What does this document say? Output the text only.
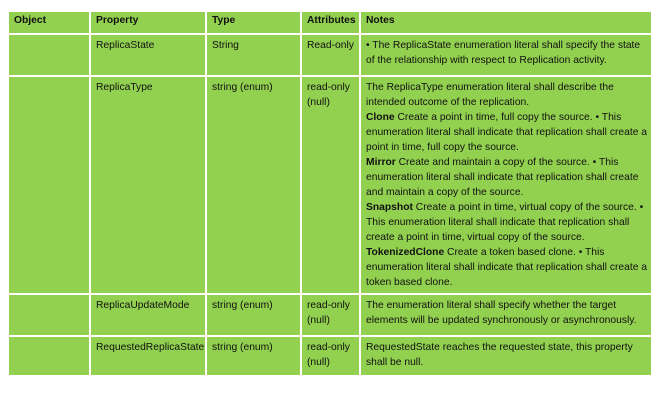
Object	Property	Type	Attributes	Notes
	ReplicaState	String	Read-only	• The ReplicaState enumeration literal shall specify the state of the relationship with respect to Replication activity.

	ReplicaType	string (enum)	read-only (null)	The ReplicaType enumeration literal shall describe the intended outcome of the replication.
Clone Create a point in time, full copy the source. • This enumeration literal shall indicate that replication shall create a point in time, full copy the source.
Mirror Create and maintain a copy of the source. • This enumeration literal shall indicate that replication shall create and maintain a copy of the source.
Snapshot Create a point in time, virtual copy of the source. • This enumeration literal shall indicate that replication shall create a point in time, virtual copy of the source.
TokenizedClone Create a token based clone. • This enumeration literal shall indicate that replication shall create a token based clone.

	ReplicaUpdateMode	string (enum)	read-only (null)	The enumeration literal shall specify whether the target elements will be updated synchronously or asynchronously.

	RequestedReplicaState	string (enum)	read-only (null)	RequestedState reaches the requested state, this property shall be null.
